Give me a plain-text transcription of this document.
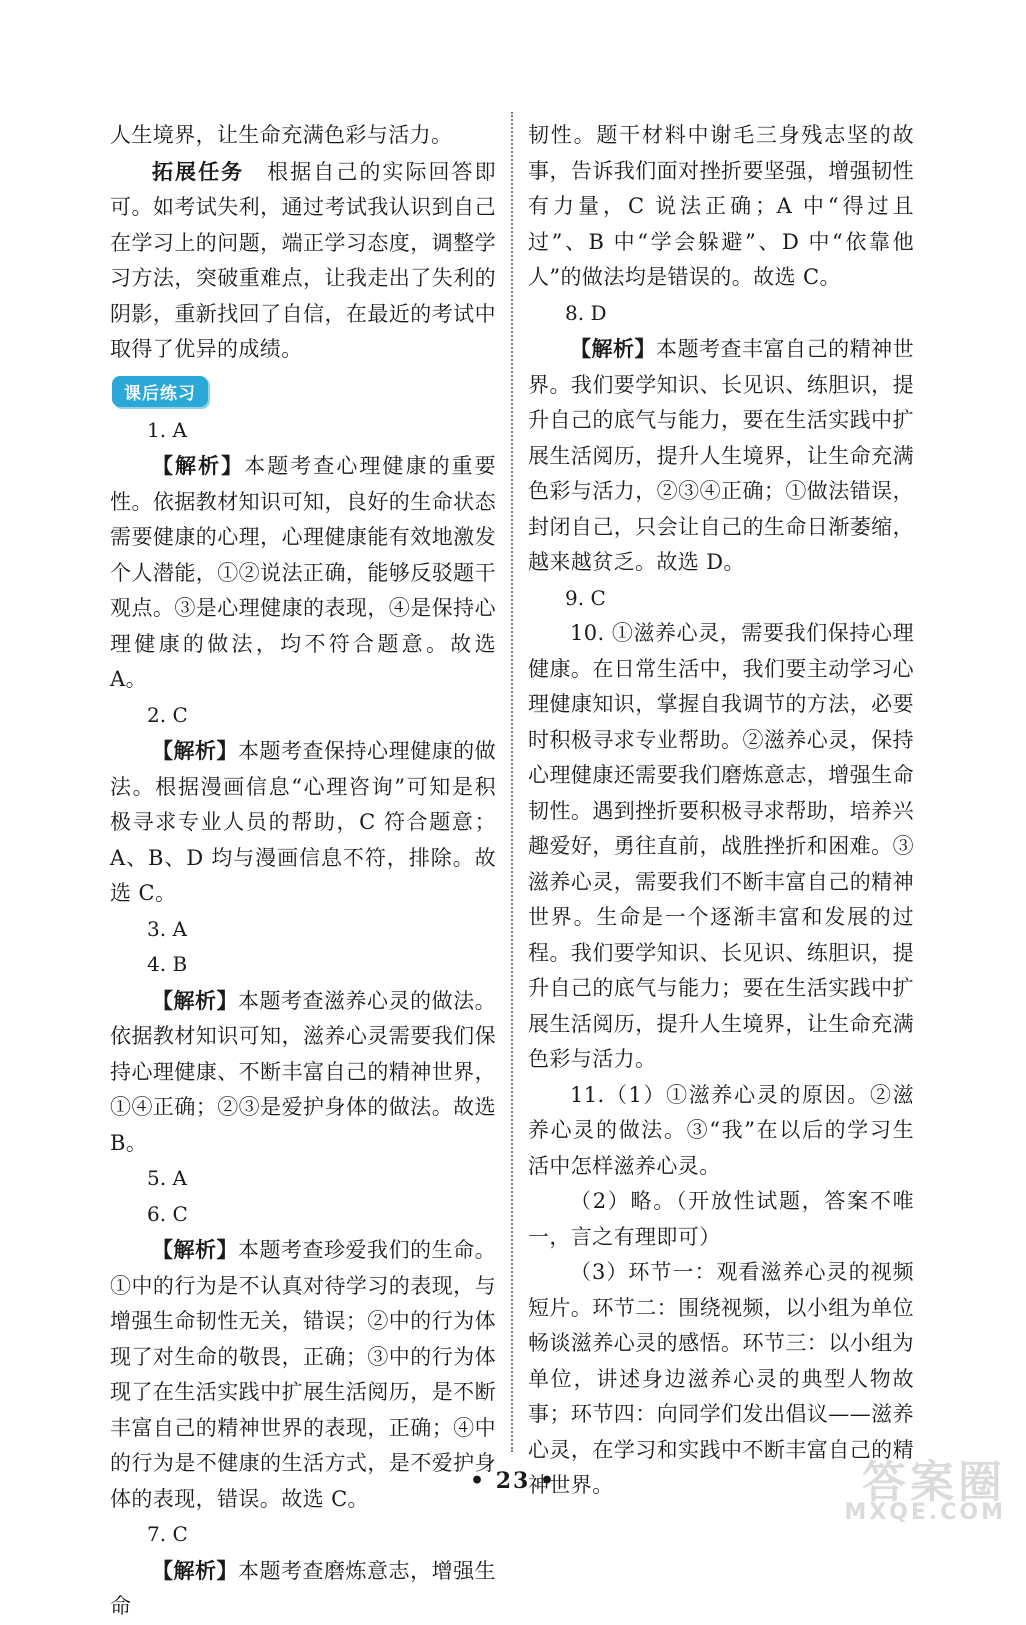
人生境界，让生命充满色彩与活力。

拓展任务　根据自己的实际回答即可。如考试失利，通过考试我认识到自己在学习上的问题，端正学习态度，调整学习方法，突破重难点，让我走出了失利的阴影，重新找回了自信，在最近的考试中取得了优异的成绩。

课后练习

1. A

【解析】本题考查心理健康的重要性。依据教材知识可知，良好的生命状态需要健康的心理，心理健康能有效地激发个人潜能，①②说法正确，能够反驳题干观点。③是心理健康的表现，④是保持心理健康的做法，均不符合题意。故选 A。

2. C

【解析】本题考查保持心理健康的做法。根据漫画信息“心理咨询”可知是积极寻求专业人员的帮助，C 符合题意；A、B、D 均与漫画信息不符，排除。故选 C。

3. A

4. B

【解析】本题考查滋养心灵的做法。依据教材知识可知，滋养心灵需要我们保持心理健康、不断丰富自己的精神世界，①④正确；②③是爱护身体的做法。故选 B。

5. A

6. C

【解析】本题考查珍爱我们的生命。①中的行为是不认真对待学习的表现，与增强生命韧性无关，错误；②中的行为体现了对生命的敬畏，正确；③中的行为体现了在生活实践中扩展生活阅历，是不断丰富自己的精神世界的表现，正确；④中的行为是不健康的生活方式，是不爱护身体的表现，错误。故选 C。

7. C

【解析】本题考查磨炼意志，增强生命

韧性。题干材料中谢毛三身残志坚的故事，告诉我们面对挫折要坚强，增强韧性有力量，C 说法正确；A 中“得过且过”、B 中“学会躲避”、D 中“依靠他人”的做法均是错误的。故选 C。

8. D

【解析】本题考查丰富自己的精神世界。我们要学知识、长见识、练胆识，提升自己的底气与能力，要在生活实践中扩展生活阅历，提升人生境界，让生命充满色彩与活力，②③④正确；①做法错误，封闭自己，只会让自己的生命日渐萎缩，越来越贫乏。故选 D。

9. C

10. ①滋养心灵，需要我们保持心理健康。在日常生活中，我们要主动学习心理健康知识，掌握自我调节的方法，必要时积极寻求专业帮助。②滋养心灵，保持心理健康还需要我们磨炼意志，增强生命韧性。遇到挫折要积极寻求帮助，培养兴趣爱好，勇往直前，战胜挫折和困难。③滋养心灵，需要我们不断丰富自己的精神世界。生命是一个逐渐丰富和发展的过程。我们要学知识、长见识、练胆识，提升自己的底气与能力；要在生活实践中扩展生活阅历，提升人生境界，让生命充满色彩与活力。

11.（1）①滋养心灵的原因。②滋养心灵的做法。③“我”在以后的学习生活中怎样滋养心灵。

（2）略。（开放性试题，答案不唯一，言之有理即可）

（3）环节一：观看滋养心灵的视频短片。环节二：围绕视频，以小组为单位畅谈滋养心灵的感悟。环节三：以小组为单位，讲述身边滋养心灵的典型人物故事；环节四：向同学们发出倡议——滋养心灵，在学习和实践中不断丰富自己的精神世界。

• 23 •	答案圈
MXQE.COM
